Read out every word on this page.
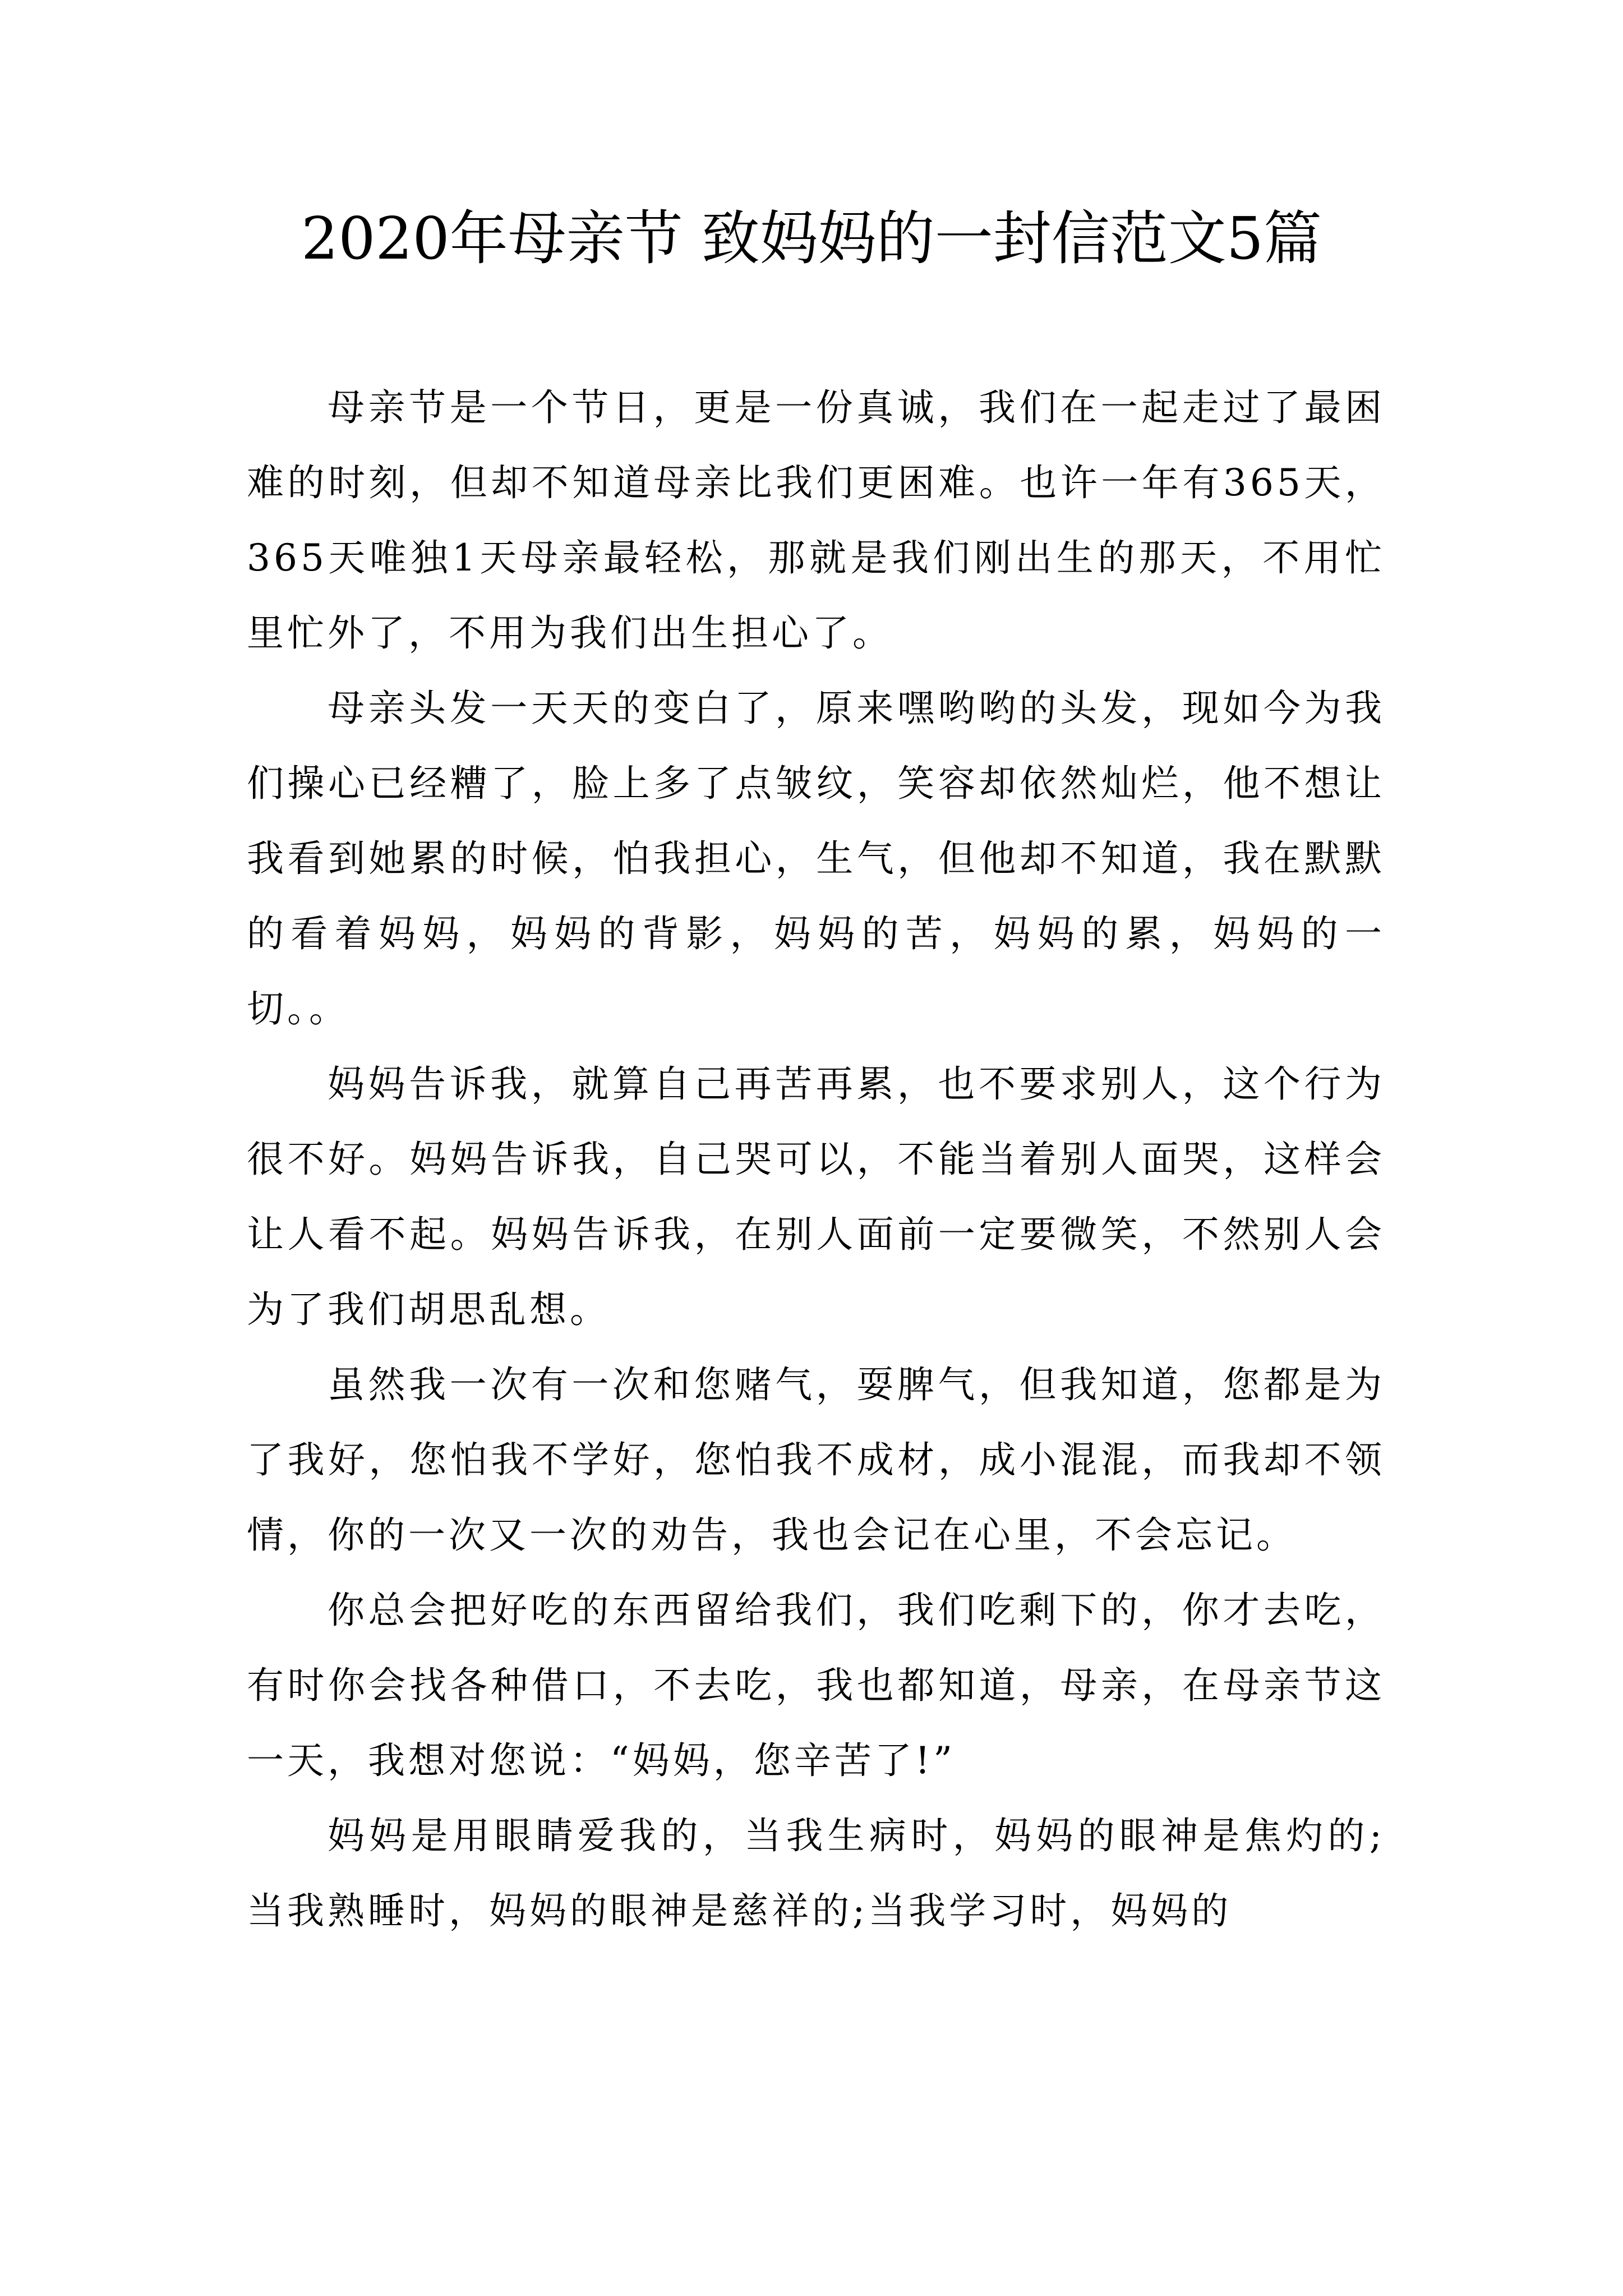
2020年母亲节 致妈妈的一封信范文5篇

母亲节是一个节日，更是一份真诚，我们在一起走过了最困难的时刻，但却不知道母亲比我们更困难。也许一年有365天，365天唯独1天母亲最轻松，那就是我们刚出生的那天，不用忙里忙外了，不用为我们出生担心了。

母亲头发一天天的变白了，原来嘿哟哟的头发，现如今为我们操心已经糟了，脸上多了点皱纹，笑容却依然灿烂，他不想让我看到她累的时候，怕我担心，生气，但他却不知道，我在默默的看着妈妈，妈妈的背影，妈妈的苦，妈妈的累，妈妈的一切。。

妈妈告诉我，就算自己再苦再累，也不要求别人，这个行为很不好。妈妈告诉我，自己哭可以，不能当着别人面哭，这样会让人看不起。妈妈告诉我，在别人面前一定要微笑，不然别人会为了我们胡思乱想。

虽然我一次有一次和您赌气，耍脾气，但我知道，您都是为了我好，您怕我不学好，您怕我不成材，成小混混，而我却不领情，你的一次又一次的劝告，我也会记在心里，不会忘记。

你总会把好吃的东西留给我们，我们吃剩下的，你才去吃，有时你会找各种借口，不去吃，我也都知道，母亲，在母亲节这一天，我想对您说：“妈妈，您辛苦了!”

妈妈是用眼睛爱我的，当我生病时，妈妈的眼神是焦灼的;当我熟睡时，妈妈的眼神是慈祥的;当我学习时，妈妈的
